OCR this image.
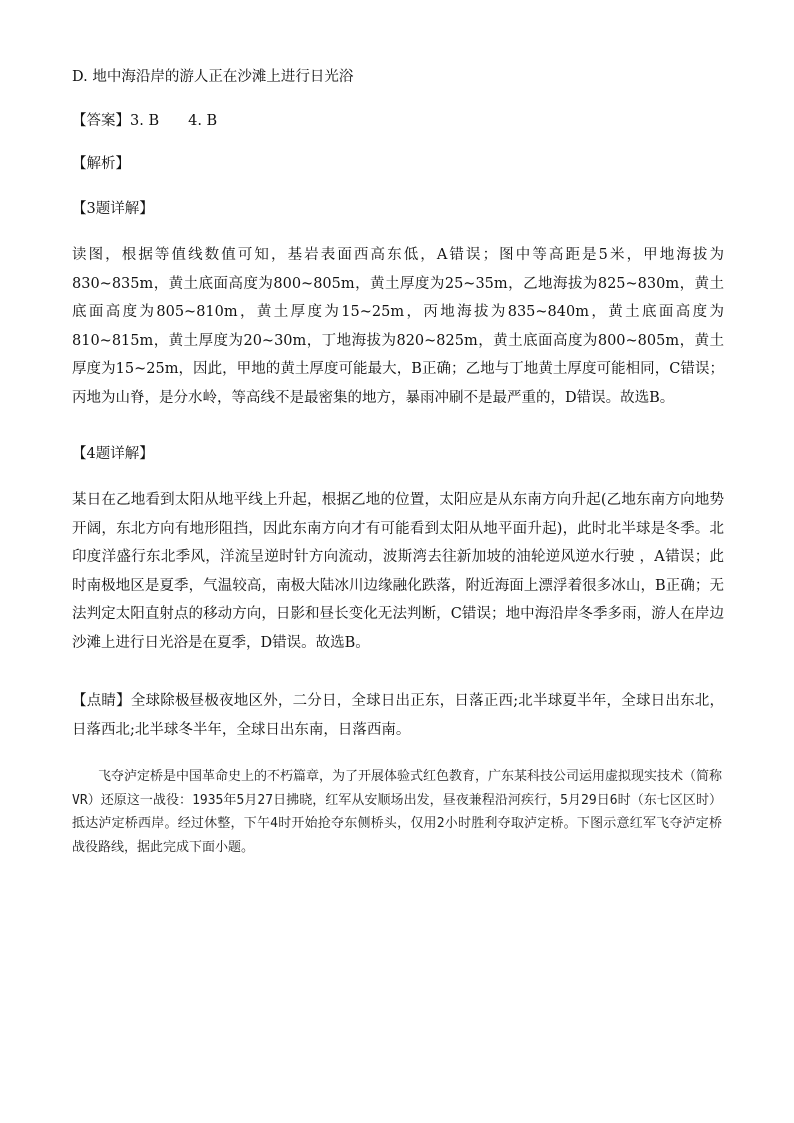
D. 地中海沿岸的游人正在沙滩上进行日光浴
【答案】3. B　　4. B
【解析】
【3题详解】
读图，根据等值线数值可知，基岩表面西高东低，A错误；图中等高距是5米，甲地海拔为830~835m，黄土底面高度为800~805m，黄土厚度为25~35m，乙地海拔为825~830m，黄土底面高度为805~810m，黄土厚度为15~25m，丙地海拔为835~840m，黄土底面高度为810~815m，黄土厚度为20~30m，丁地海拔为820~825m，黄土底面高度为800~805m，黄土厚度为15~25m，因此，甲地的黄土厚度可能最大，B正确；乙地与丁地黄土厚度可能相同，C错误；丙地为山脊，是分水岭，等高线不是最密集的地方，暴雨冲刷不是最严重的，D错误。故选B。
【4题详解】
某日在乙地看到太阳从地平线上升起，根据乙地的位置，太阳应是从东南方向升起(乙地东南方向地势开阔，东北方向有地形阻挡，因此东南方向才有可能看到太阳从地平面升起)，此时北半球是冬季。北印度洋盛行东北季风，洋流呈逆时针方向流动，波斯湾去往新加坡的油轮逆风逆水行驶 ，A错误；此时南极地区是夏季，气温较高，南极大陆冰川边缘融化跌落，附近海面上漂浮着很多冰山，B正确；无法判定太阳直射点的移动方向，日影和昼长变化无法判断，C错误；地中海沿岸冬季多雨，游人在岸边沙滩上进行日光浴是在夏季，D错误。故选B。
【点睛】全球除极昼极夜地区外，二分日，全球日出正东，日落正西;北半球夏半年，全球日出东北，日落西北;北半球冬半年，全球日出东南，日落西南。
　　飞夺泸定桥是中国革命史上的不朽篇章，为了开展体验式红色教育，广东某科技公司运用虚拟现实技术（简称VR）还原这一战役：1935年5月27日拂晓，红军从安顺场出发，昼夜兼程沿河疾行，5月29日6时（东七区区时）抵达泸定桥西岸。经过休整，下午4时开始抢夺东侧桥头，仅用2小时胜利夺取泸定桥。下图示意红军飞夺泸定桥战役路线，据此完成下面小题。
